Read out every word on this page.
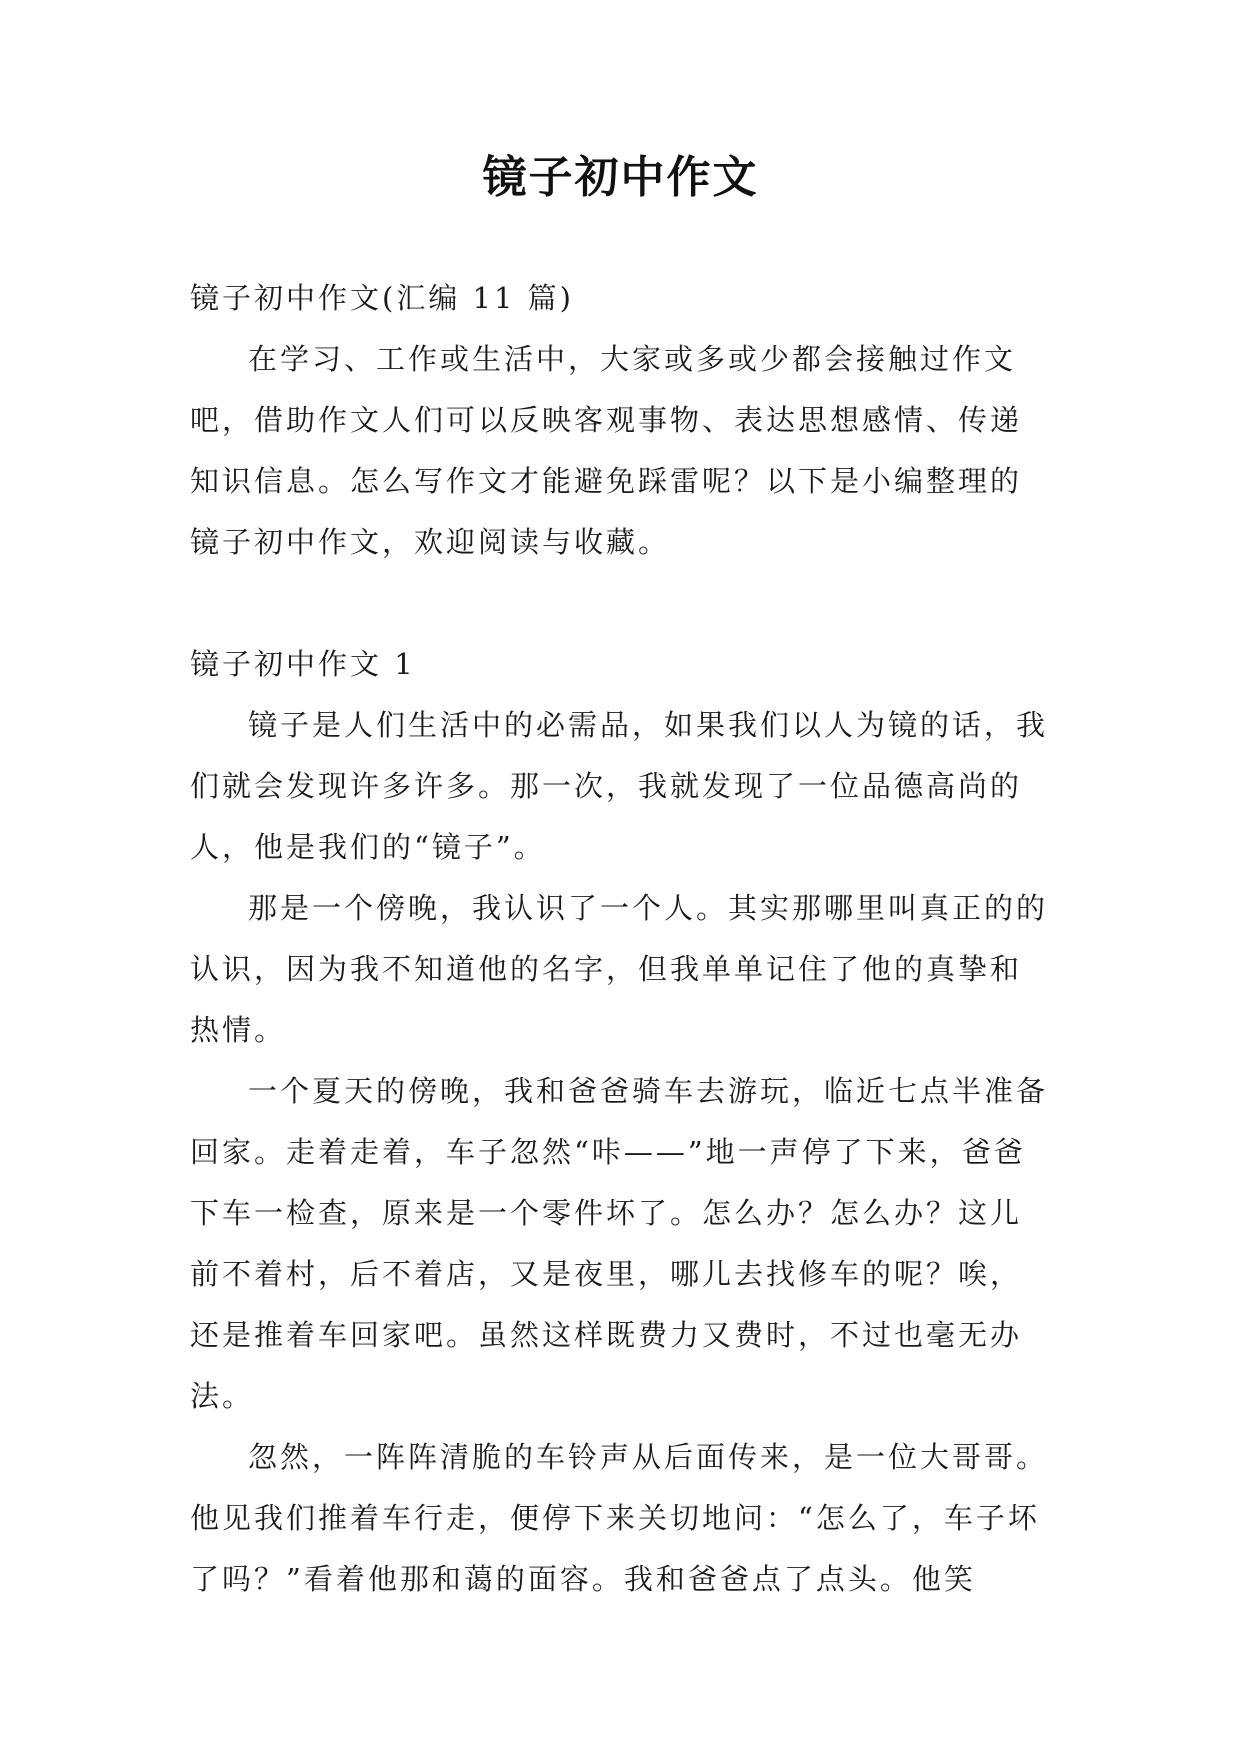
镜子初中作文

镜子初中作文(汇编 11 篇)

在学习、工作或生活中，大家或多或少都会接触过作文吧，借助作文人们可以反映客观事物、表达思想感情、传递知识信息。怎么写作文才能避免踩雷呢？以下是小编整理的镜子初中作文，欢迎阅读与收藏。

镜子初中作文 1

镜子是人们生活中的必需品，如果我们以人为镜的话，我们就会发现许多许多。那一次，我就发现了一位品德高尚的人，他是我们的“镜子”。

那是一个傍晚，我认识了一个人。其实那哪里叫真正的的认识，因为我不知道他的名字，但我单单记住了他的真挚和热情。

一个夏天的傍晚，我和爸爸骑车去游玩，临近七点半准备回家。走着走着，车子忽然“咔——”地一声停了下来，爸爸下车一检查，原来是一个零件坏了。怎么办？怎么办？这儿前不着村，后不着店，又是夜里，哪儿去找修车的呢？唉，还是推着车回家吧。虽然这样既费力又费时，不过也毫无办法。

忽然，一阵阵清脆的车铃声从后面传来，是一位大哥哥。他见我们推着车行走，便停下来关切地问：“怎么了，车子坏了吗？”看着他那和蔼的面容。我和爸爸点了点头。他笑
